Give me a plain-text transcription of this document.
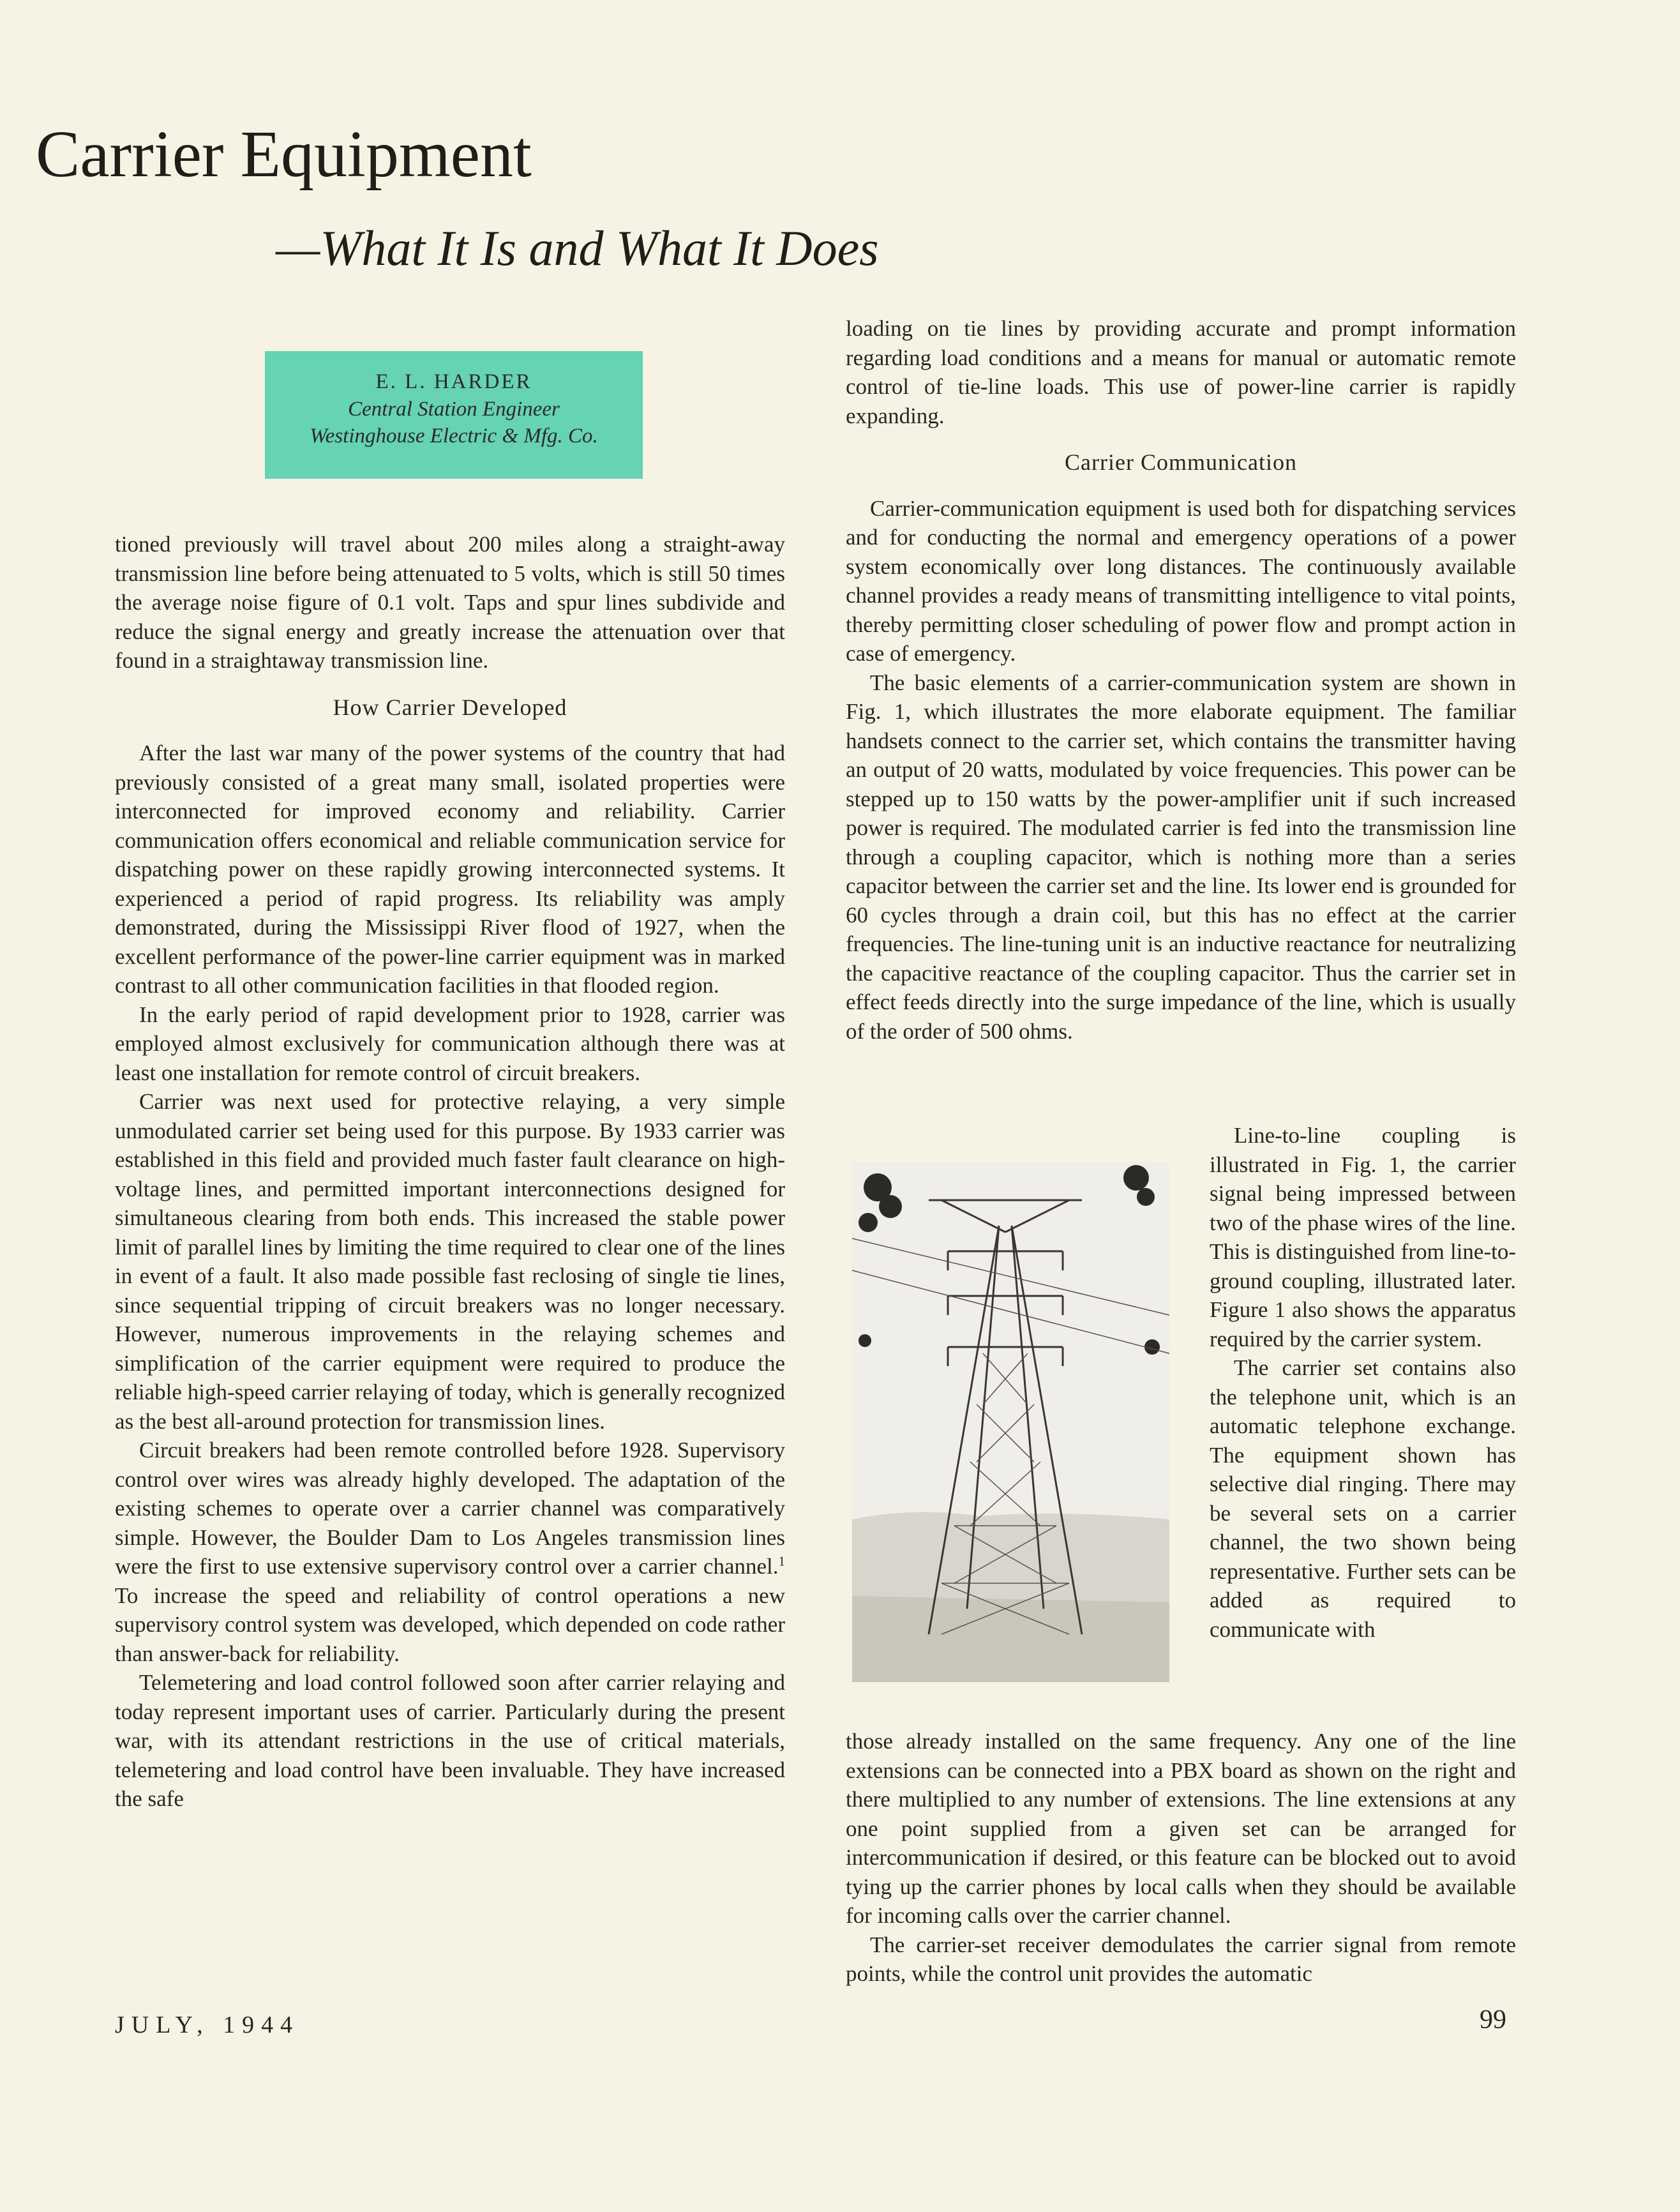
Carrier Equipment
—What It Is and What It Does
E. L. HARDER
Central Station Engineer
Westinghouse Electric & Mfg. Co.

tioned previously will travel about 200 miles along a straight-away transmission line before being attenuated to 5 volts, which is still 50 times the average noise figure of 0.1 volt. Taps and spur lines subdivide and reduce the signal energy and greatly increase the attenuation over that found in a straightaway transmission line.

How Carrier Developed

After the last war many of the power systems of the country that had previously consisted of a great many small, isolated properties were interconnected for improved economy and reliability. Carrier communication offers economical and reliable communication service for dispatching power on these rapidly growing interconnected systems. It experienced a period of rapid progress. Its reliability was amply demonstrated, during the Mississippi River flood of 1927, when the excellent performance of the power-line carrier equipment was in marked contrast to all other communication facilities in that flooded region.

In the early period of rapid development prior to 1928, carrier was employed almost exclusively for communication although there was at least one installation for remote control of circuit breakers.

Carrier was next used for protective relaying, a very simple unmodulated carrier set being used for this purpose. By 1933 carrier was established in this field and provided much faster fault clearance on high-voltage lines, and permitted important interconnections designed for simultaneous clearing from both ends. This increased the stable power limit of parallel lines by limiting the time required to clear one of the lines in event of a fault. It also made possible fast reclosing of single tie lines, since sequential tripping of circuit breakers was no longer necessary. However, numerous improvements in the relaying schemes and simplification of the carrier equipment were required to produce the reliable high-speed carrier relaying of today, which is generally recognized as the best all-around protection for transmission lines.

Circuit breakers had been remote controlled before 1928. Supervisory control over wires was already highly developed. The adaptation of the existing schemes to operate over a carrier channel was comparatively simple. However, the Boulder Dam to Los Angeles transmission lines were the first to use extensive supervisory control over a carrier channel.$^1$ To increase the speed and reliability of control operations a new supervisory control system was developed, which depended on code rather than answer-back for reliability.

Telemetering and load control followed soon after carrier relaying and today represent important uses of carrier. Particularly during the present war, with its attendant restrictions in the use of critical materials, telemetering and load control have been invaluable. They have increased the safe

loading on tie lines by providing accurate and prompt information regarding load conditions and a means for manual or automatic remote control of tie-line loads. This use of power-line carrier is rapidly expanding.

Carrier Communication

Carrier-communication equipment is used both for dispatching services and for conducting the normal and emergency operations of a power system economically over long distances. The continuously available channel provides a ready means of transmitting intelligence to vital points, thereby permitting closer scheduling of power flow and prompt action in case of emergency.

The basic elements of a carrier-communication system are shown in Fig. 1, which illustrates the more elaborate equipment. The familiar handsets connect to the carrier set, which contains the transmitter having an output of 20 watts, modulated by voice frequencies. This power can be stepped up to 150 watts by the power-amplifier unit if such increased power is required. The modulated carrier is fed into the transmission line through a coupling capacitor, which is nothing more than a series capacitor between the carrier set and the line. Its lower end is grounded for 60 cycles through a drain coil, but this has no effect at the carrier frequencies. The line-tuning unit is an inductive reactance for neutralizing the capacitive reactance of the coupling capacitor. Thus the carrier set in effect feeds directly into the surge impedance of the line, which is usually of the order of 500 ohms.

Line-to-line coupling is illustrated in Fig. 1, the carrier signal being impressed between two of the phase wires of the line. This is distinguished from line-to-ground coupling, illustrated later. Figure 1 also shows the apparatus required by the carrier system.

The carrier set contains also the telephone unit, which is an automatic telephone exchange. The equipment shown has selective dial ringing. There may be several sets on a carrier channel, the two shown being representative. Further sets can be added as required to communicate with

those already installed on the same frequency. Any one of the line extensions can be connected into a PBX board as shown on the right and there multiplied to any number of extensions. The line extensions at any one point supplied from a given set can be arranged for intercommunication if desired, or this feature can be blocked out to avoid tying up the carrier phones by local calls when they should be available for incoming calls over the carrier channel.

The carrier-set receiver demodulates the carrier signal from remote points, while the control unit provides the automatic

JULY, 1944	99
